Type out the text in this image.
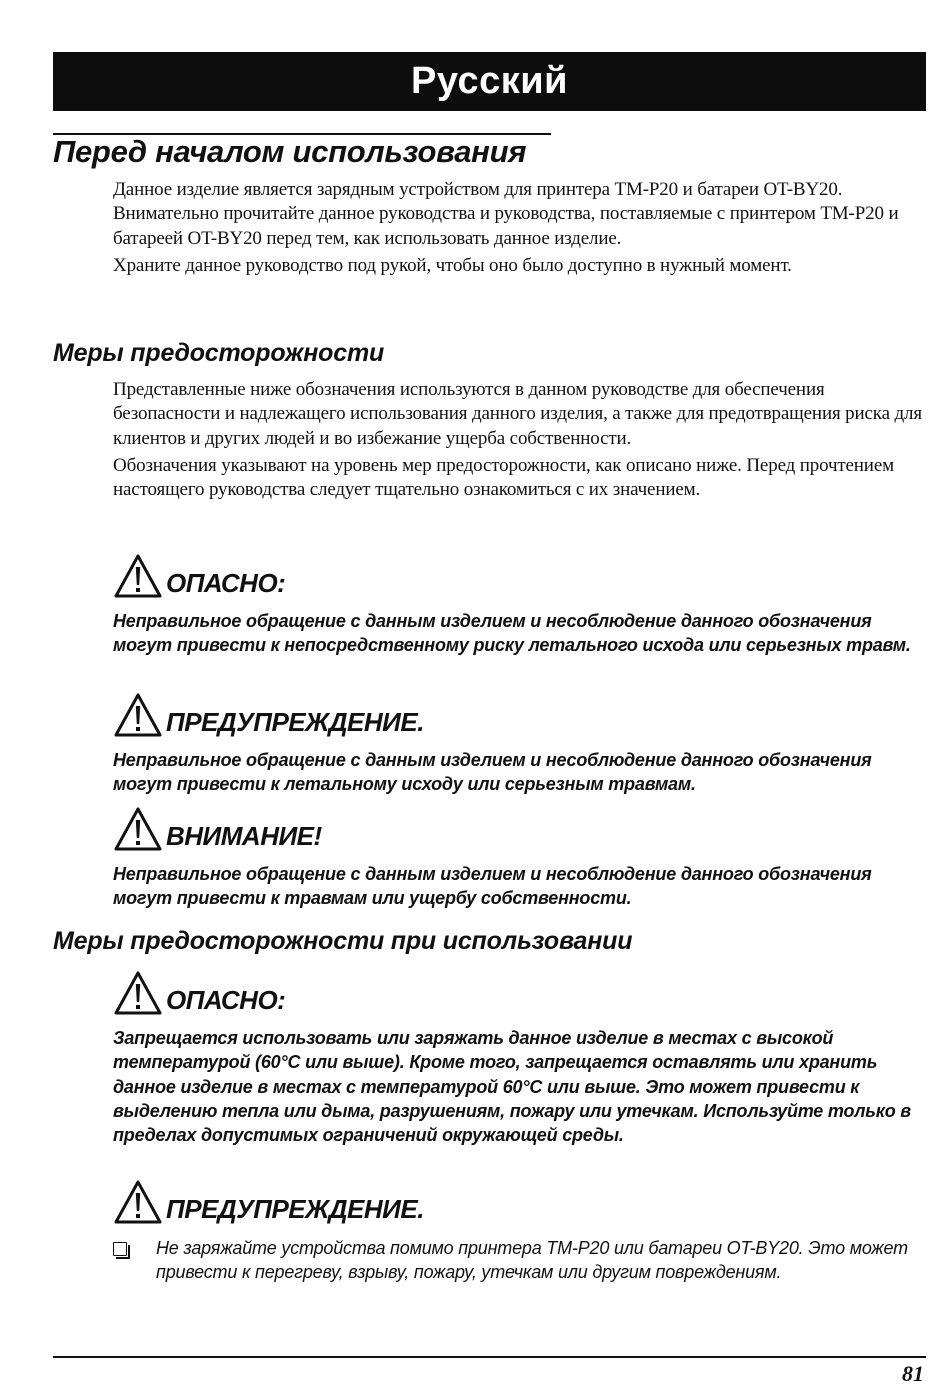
Русский
Перед началом использования

Данное изделие является зарядным устройством для принтера TM-P20 и батареи OT-BY20. Внимательно прочитайте данное руководства и руководства, поставляемые с принтером TM-P20 и батареей OT-BY20 перед тем, как использовать данное изделие.

Храните данное руководство под рукой, чтобы оно было доступно в нужный момент.

Меры предосторожности

Представленные ниже обозначения используются в данном руководстве для обеспечения безопасности и надлежащего использования данного изделия, а также для предотвращения риска для клиентов и других людей и во избежание ущерба собственности.

Обозначения указывают на уровень мер предосторожности, как описано ниже. Перед прочтением настоящего руководства следует тщательно ознакомиться с их значением.

ОПАСНО:

Неправильное обращение с данным изделием и несоблюдение данного обозначения могут привести к непосредственному риску летального исхода или серьезных травм.

ПРЕДУПРЕЖДЕНИЕ.

Неправильное обращение с данным изделием и несоблюдение данного обозначения могут привести к летальному исходу или серьезным травмам.

ВНИМАНИЕ!

Неправильное обращение с данным изделием и несоблюдение данного обозначения могут привести к травмам или ущербу собственности.

Меры предосторожности при использовании
ОПАСНО:

Запрещается использовать или заряжать данное изделие в местах с высокой температурой (60°C или выше). Кроме того, запрещается оставлять или хранить данное изделие в местах с температурой 60°C или выше. Это может привести к выделению тепла или дыма, разрушениям, пожару или утечкам. Используйте только в пределах допустимых ограничений окружающей среды.

ПРЕДУПРЕЖДЕНИЕ.
Не заряжайте устройства помимо принтера TM-P20 или батареи OT-BY20. Это может привести к перегреву, взрыву, пожару, утечкам или другим повреждениям.
81
